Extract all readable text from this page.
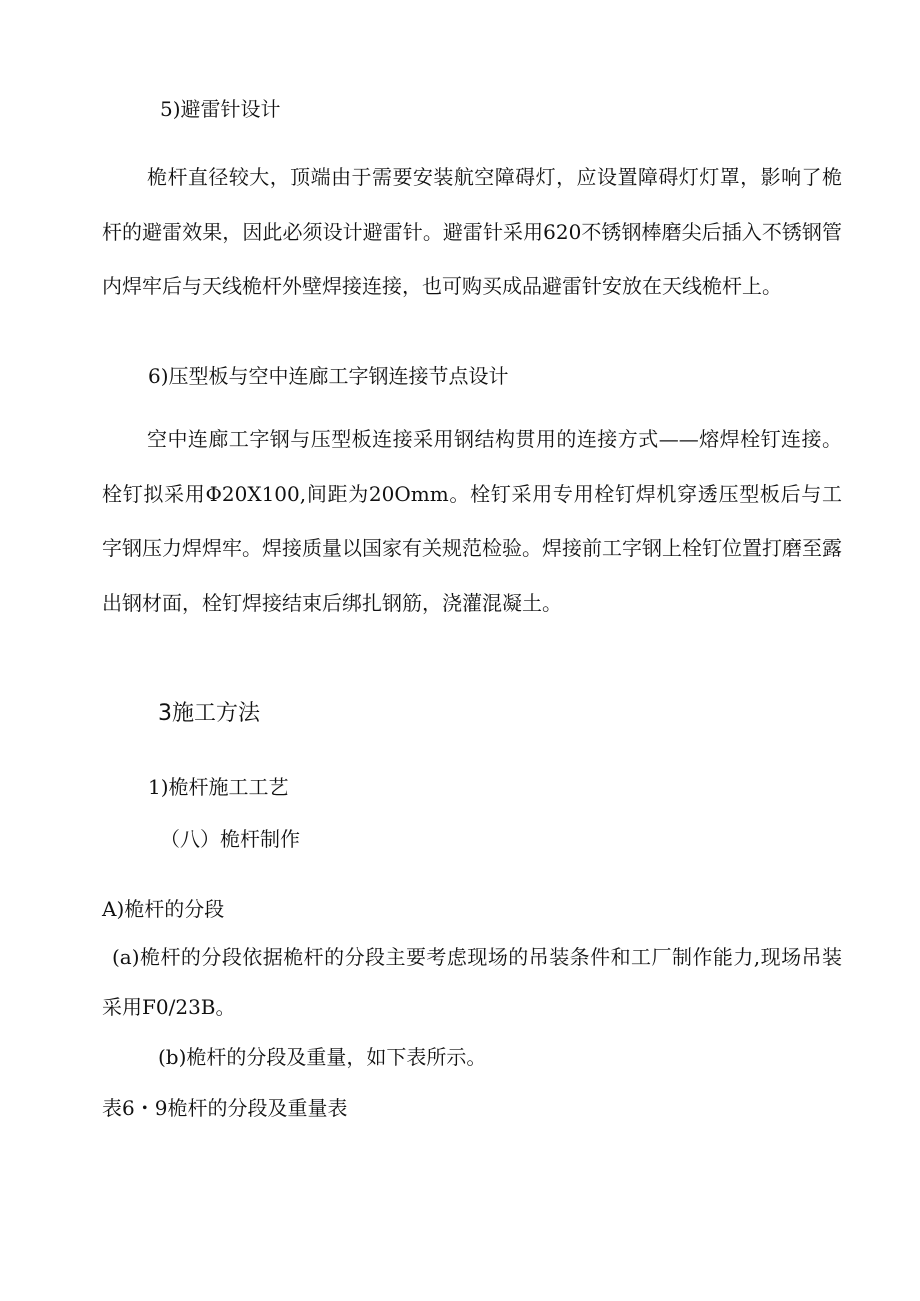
5)避雷针设计
桅杆直径较大，顶端由于需要安装航空障碍灯，应设置障碍灯灯罩，影响了桅杆的避雷效果，因此必须设计避雷针。避雷针采用620不锈钢棒磨尖后插入不锈钢管内焊牢后与天线桅杆外壁焊接连接，也可购买成品避雷针安放在天线桅杆上。
6)压型板与空中连廊工字钢连接节点设计
空中连廊工字钢与压型板连接采用钢结构贯用的连接方式——熔焊栓钉连接。栓钉拟采用Φ20X100,间距为20Omm。栓钉采用专用栓钉焊机穿透压型板后与工字钢压力焊焊牢。焊接质量以国家有关规范检验。焊接前工字钢上栓钉位置打磨至露出钢材面，栓钉焊接结束后绑扎钢筋，浇灌混凝土。
3施工方法
1)桅杆施工工艺
（八）桅杆制作
A)桅杆的分段
(a)桅杆的分段依据桅杆的分段主要考虑现场的吊装条件和工厂制作能力,现场吊装采用F0/23B。
(b)桅杆的分段及重量，如下表所示。
表6・9桅杆的分段及重量表
